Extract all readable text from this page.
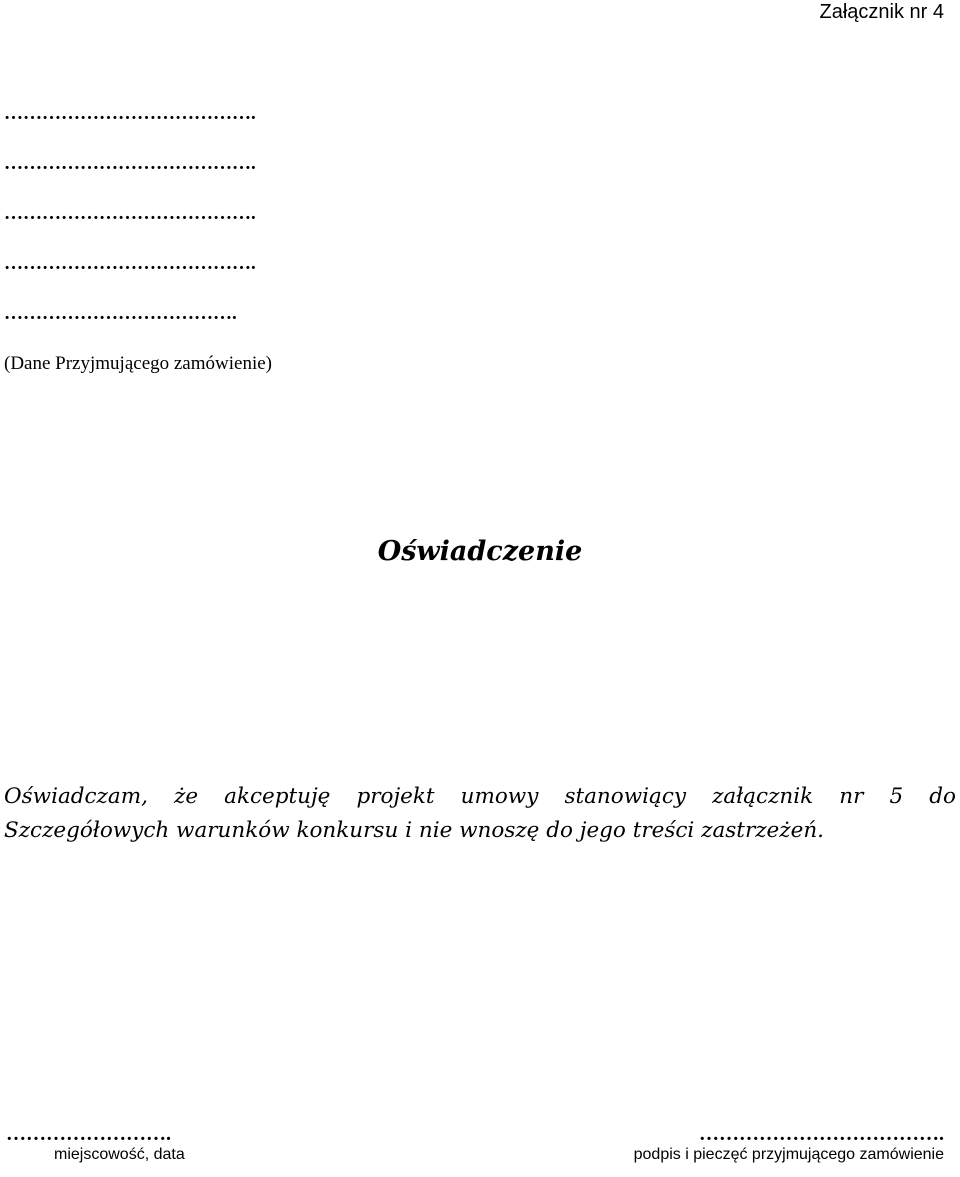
Załącznik nr 4
………………………………….
………………………………….
………………………………….
………………………………….
……………………………….
(Dane Przyjmującego zamówienie)
Oświadczenie
Oświadczam, że akceptuję projekt umowy stanowiący załącznik nr 5 do
Szczegółowych warunków konkursu i nie wnoszę do jego treści zastrzeżeń.
…………………….
miejscowość, data
……………………………….
podpis i pieczęć przyjmującego zamówienie
